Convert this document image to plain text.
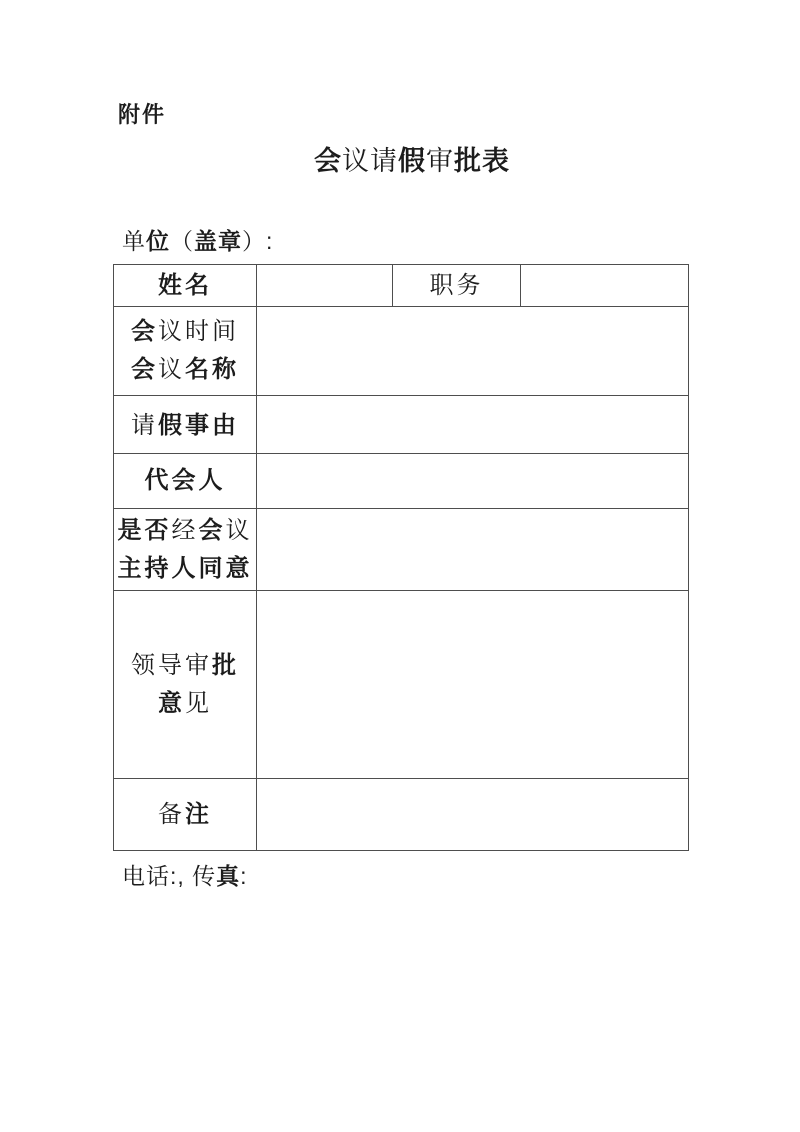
附件
会议请假审批表
单位（盖章）:
姓名		职务	

会议时间
会议名称			

请假事由			

代会人			

是否经会议
主持人同意			

领导审批
意见			

备注			

电话:, 传真:
